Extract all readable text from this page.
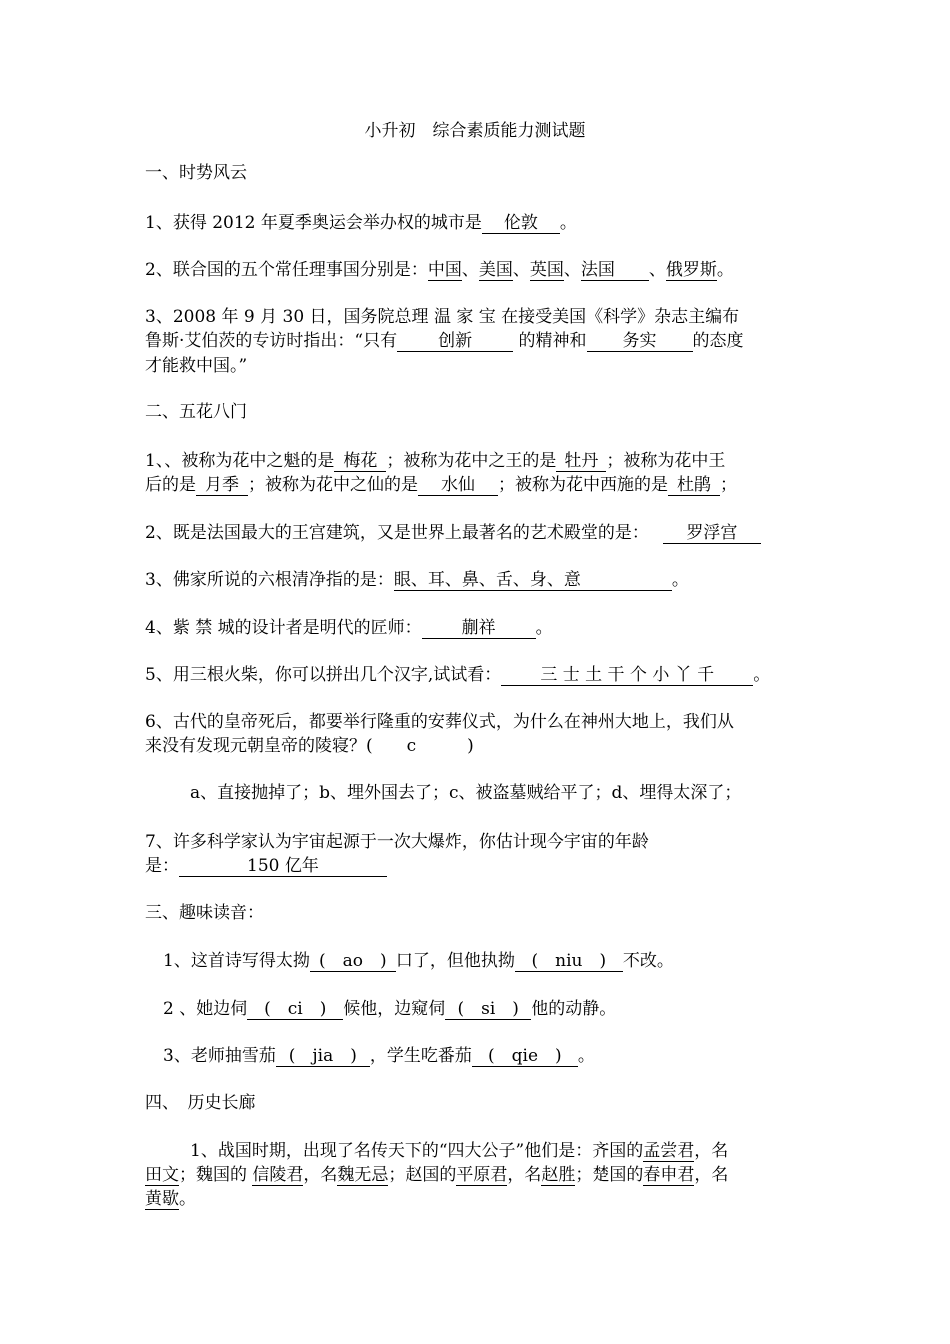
小升初　综合素质能力测试题
一、时势风云
1、获得 2012 年夏季奥运会举办权的城市是 伦敦 。
2、联合国的五个常任理事国分别是：中国、美国、英国、法国 、俄罗斯。
3、2008 年 9 月 30 日，国务院总理 温 家 宝 在接受美国《科学》杂志主编布
鲁斯·艾伯茨的专访时指出：“只有 创新	的精神和 务实 的态度
才能救中国。”
二、五花八门
1、、被称为花中之魁的是 梅花 ；被称为花中之王的是 牡丹 ；被称为花中王
后的是 月季 ；被称为花中之仙的是 水仙 ；被称为花中西施的是 杜鹃 ；
2、既是法国最大的王宫建筑，又是世界上最著名的艺术殿堂的是： 罗浮宫
3、佛家所说的六根清净指的是：眼、耳、鼻、舌、身、意	。
4、紫 禁 城的设计者是明代的匠师： 蒯祥 。
5、用三根火柴，你可以拼出几个汉字,试试看： 三 士 土 干 个 小 丫 千 。
6、古代的皇帝死后，都要举行隆重的安葬仪式，为什么在神州大地上，我们从
来没有发现元朝皇帝的陵寝？(　　c　　　)
a、直接抛掉了；b、埋外国去了；c、被盗墓贼给平了；d、埋得太深了；
7、许多科学家认为宇宙起源于一次大爆炸，你估计现今宇宙的年龄
是：	150 亿年
三、趣味读音：
1、这首诗写得太拗 (　ao　) 口了，但他执拗 (　niu　) 不改。
2 、她边伺 (　ci　) 候他，边窥伺 (　si　) 他的动静。
3、老师抽雪茄 (　jia　) ，学生吃番茄 (　qie　) 。
四、　历史长廊
1、战国时期，出现了名传天下的“四大公子”他们是：齐国的孟尝君，名
田文；魏国的 信陵君，名魏无忌；赵国的平原君，名赵胜；楚国的春申君，名
黄歇。
